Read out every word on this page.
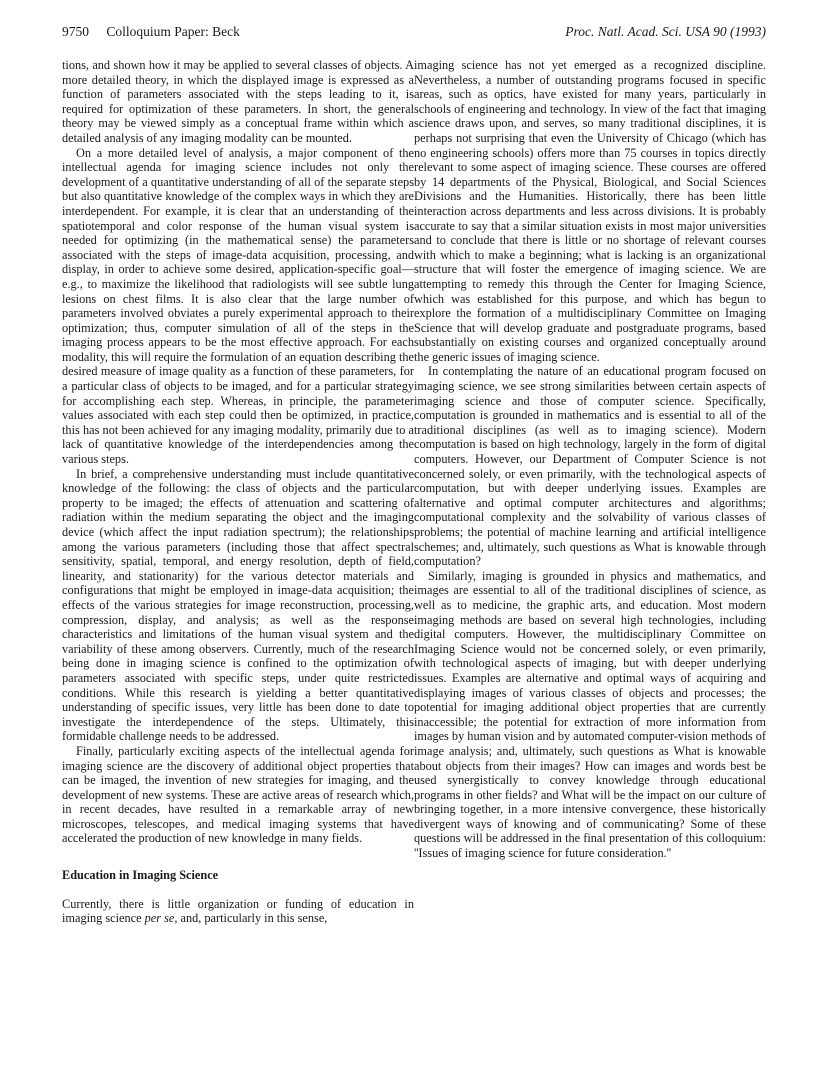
9750 Colloquium Paper: Beck	Proc. Natl. Acad. Sci. USA 90 (1993)

tions, and shown how it may be applied to several classes of objects. A more detailed theory, in which the displayed image is expressed as a function of parameters associated with the steps leading to it, is required for optimization of these parameters. In short, the general theory may be viewed simply as a conceptual frame within which a detailed analysis of any imaging modality can be mounted.

On a more detailed level of analysis, a major component of the intellectual agenda for imaging science includes not only the development of a quantitative understanding of all of the separate steps but also quantitative knowledge of the complex ways in which they are interdependent. For example, it is clear that an understanding of the spatiotemporal and color response of the human visual system is needed for optimizing (in the mathematical sense) the parameters associated with the steps of image-data acquisition, processing, and display, in order to achieve some desired, application-specific goal—e.g., to maximize the likelihood that radiologists will see subtle lung lesions on chest films. It is also clear that the large number of parameters involved obviates a purely experimental approach to their optimization; thus, computer simulation of all of the steps in the imaging process appears to be the most effective approach. For each modality, this will require the formulation of an equation describing the desired measure of image quality as a function of these parameters, for a particular class of objects to be imaged, and for a particular strategy for accomplishing each step. Whereas, in principle, the parameter values associated with each step could then be optimized, in practice, this has not been achieved for any imaging modality, primarily due to a lack of quantitative knowledge of the interdependencies among the various steps.

In brief, a comprehensive understanding must include quantitative knowledge of the following: the class of objects and the particular property to be imaged; the effects of attenuation and scattering of radiation within the medium separating the object and the imaging device (which affect the input radiation spectrum); the relationships among the various parameters (including those that affect spectral sensitivity, spatial, temporal, and energy resolution, depth of field, linearity, and stationarity) for the various detector materials and configurations that might be employed in image-data acquisition; the effects of the various strategies for image reconstruction, processing, compression, display, and analysis; as well as the response characteristics and limitations of the human visual system and the variability of these among observers. Currently, much of the research being done in imaging science is confined to the optimization of parameters associated with specific steps, under quite restricted conditions. While this research is yielding a better quantitative understanding of specific issues, very little has been done to date to investigate the interdependence of the steps. Ultimately, this formidable challenge needs to be addressed.

Finally, particularly exciting aspects of the intellectual agenda for imaging science are the discovery of additional object properties that can be imaged, the invention of new strategies for imaging, and the development of new systems. These are active areas of research which, in recent decades, have resulted in a remarkable array of new microscopes, telescopes, and medical imaging systems that have accelerated the production of new knowledge in many fields.

Education in Imaging Science

Currently, there is little organization or funding of education in imaging science per se, and, particularly in this sense,

imaging science has not yet emerged as a recognized discipline. Nevertheless, a number of outstanding programs focused in specific areas, such as optics, have existed for many years, particularly in schools of engineering and technology. In view of the fact that imaging science draws upon, and serves, so many traditional disciplines, it is perhaps not surprising that even the University of Chicago (which has no engineering schools) offers more than 75 courses in topics directly relevant to some aspect of imaging science. These courses are offered by 14 departments of the Physical, Biological, and Social Sciences Divisions and the Humanities. Historically, there has been little interaction across departments and less across divisions. It is probably accurate to say that a similar situation exists in most major universities and to conclude that there is little or no shortage of relevant courses with which to make a beginning; what is lacking is an organizational structure that will foster the emergence of imaging science. We are attempting to remedy this through the Center for Imaging Science, which was established for this purpose, and which has begun to explore the formation of a multidisciplinary Committee on Imaging Science that will develop graduate and postgraduate programs, based substantially on existing courses and organized conceptually around the generic issues of imaging science.

In contemplating the nature of an educational program focused on imaging science, we see strong similarities between certain aspects of imaging science and those of computer science. Specifically, computation is grounded in mathematics and is essential to all of the traditional disciplines (as well as to imaging science). Modern computation is based on high technology, largely in the form of digital computers. However, our Department of Computer Science is not concerned solely, or even primarily, with the technological aspects of computation, but with deeper underlying issues. Examples are alternative and optimal computer architectures and algorithms; computational complexity and the solvability of various classes of problems; the potential of machine learning and artificial intelligence schemes; and, ultimately, such questions as What is knowable through computation?

Similarly, imaging is grounded in physics and mathematics, and images are essential to all of the traditional disciplines of science, as well as to medicine, the graphic arts, and education. Most modern imaging methods are based on several high technologies, including digital computers. However, the multidisciplinary Committee on Imaging Science would not be concerned solely, or even primarily, with technological aspects of imaging, but with deeper underlying issues. Examples are alternative and optimal ways of acquiring and displaying images of various classes of objects and processes; the potential for imaging additional object properties that are currently inaccessible; the potential for extraction of more information from images by human vision and by automated computer-vision methods of image analysis; and, ultimately, such questions as What is knowable about objects from their images? How can images and words best be used synergistically to convey knowledge through educational programs in other fields? and What will be the impact on our culture of bringing together, in a more intensive convergence, these historically divergent ways of knowing and of communicating? Some of these questions will be addressed in the final presentation of this colloquium: ''Issues of imaging science for future consideration.''
